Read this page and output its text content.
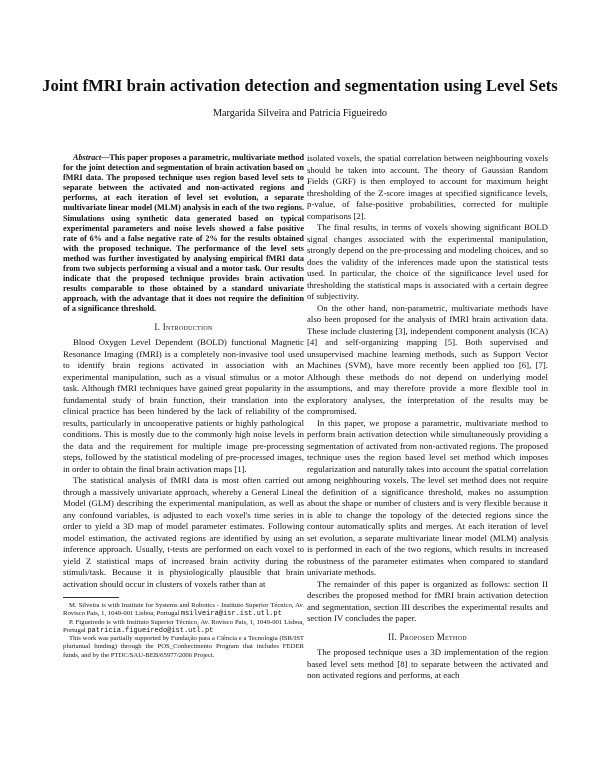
Joint fMRI brain activation detection and segmentation using Level Sets
Margarida Silveira and Patricia Figueiredo

Abstract—This paper proposes a parametric, multivariate method for the joint detection and segmentation of brain activation based on fMRI data. The proposed technique uses region based level sets to separate between the activated and non-activated regions and performs, at each iteration of level set evolution, a separate multivariate linear model (MLM) analysis in each of the two regions. Simulations using synthetic data generated based on typical experimental parameters and noise levels showed a false positive rate of 6% and a false negative rate of 2% for the results obtained with the proposed technique. The performance of the level sets method was further investigated by analysing empirical fMRI data from two subjects performing a visual and a motor task. Our results indicate that the proposed technique provides brain activation results comparable to those obtained by a standard univariate approach, with the advantage that it does not require the definition of a significance threshold.

I. Introduction

Blood Oxygen Level Dependent (BOLD) functional Magnetic Resonance Imaging (fMRI) is a completely non-invasive tool used to identify brain regions activated in association with an experimental manipulation, such as a visual stimulus or a motor task. Although fMRI techniques have gained great popularity in the fundamental study of brain function, their translation into the clinical practice has been hindered by the lack of reliability of the results, particularly in uncooperative patients or highly pathological conditions. This is mostly due to the commonly high noise levels in the data and the requirement for multiple image pre-processing steps, followed by the statistical modeling of pre-processed images, in order to obtain the final brain activation maps [1].

The statistical analysis of fMRI data is most often carried out through a massively univariate approach, whereby a General Lineal Model (GLM) describing the experimental manipulation, as well as any confound variables, is adjusted to each voxel's time series in order to yield a 3D map of model parameter estimates. Following model estimation, the activated regions are identified by using an inference approach. Usually, t-tests are performed on each voxel to yield Z statistical maps of increased brain activity during the stimuli/task. Because it is physiologically plausible that brain activation should occur in clusters of voxels rather than at

M. Silveira is with Institute for Systems and Robotics - Instituto Superior Técnico, Av. Rovisco Pais, 1, 1049-001 Lisboa, Portugal msilveira@isr.ist.utl.pt

P. Figueiredo is with Instituto Superior Técnico, Av. Rovisco Pais, 1, 1049-001 Lisboa, Portugal patricia.figueiredo@ist.utl.pt

This work was partially supported by Fundação para a Ciência e a Tecnologia (ISR/IST plurianual funding) through the POS_Conhecimento Program that includes FEDER funds, and by the PTDC/SAU-BEB/65977/2006 Project.

isolated voxels, the spatial correlation between neighbouring voxels should be taken into account. The theory of Gaussian Random Fields (GRF) is then employed to account for maximum height thresholding of the Z-score images at specified significance levels, p-value, of false-positive probabilities, corrected for multiple comparisons [2].

The final results, in terms of voxels showing significant BOLD signal changes associated with the experimental manipulation, strongly depend on the pre-processing and modeling choices, and so does the validity of the inferences made upon the statistical tests used. In particular, the choice of the significance level used for thresholding the statistical maps is associated with a certain degree of subjectivity.

On the other hand, non-parametric, multivariate methods have also been proposed for the analysis of fMRI brain activation data. These include clustering [3], independent component analysis (ICA) [4] and self-organizing mapping [5]. Both supervised and unsupervised machine learning methods, such as Support Vector Machines (SVM), have more recently been applied too [6], [7]. Although these methods do not depend on underlying model assumptions, and may therefore provide a more flexible tool in exploratory analyses, the interpretation of the results may be compromised.

In this paper, we propose a parametric, multivariate method to perform brain activation detection while simultaneously providing a segmentation of activated from non-activated regions. The proposed technique uses the region based level set method which imposes regularization and naturally takes into account the spatial correlation among neighbouring voxels. The level set method does not require the definition of a significance threshold, makes no assumption about the shape or number of clusters and is very flexible because it is able to change the topology of the detected regions since the contour automatically splits and merges. At each iteration of level set evolution, a separate multivariate linear model (MLM) analysis is performed in each of the two regions, which results in increased robustness of the parameter estimates when compared to standard univariate methods.

The remainder of this paper is organized as follows: section II describes the proposed method for fMRI brain activation detection and segmentation, section III describes the experimental results and section IV concludes the paper.

II. Proposed Method

The proposed technique uses a 3D implementation of the region based level sets method [8] to separate between the activated and non activated regions and performs, at each
